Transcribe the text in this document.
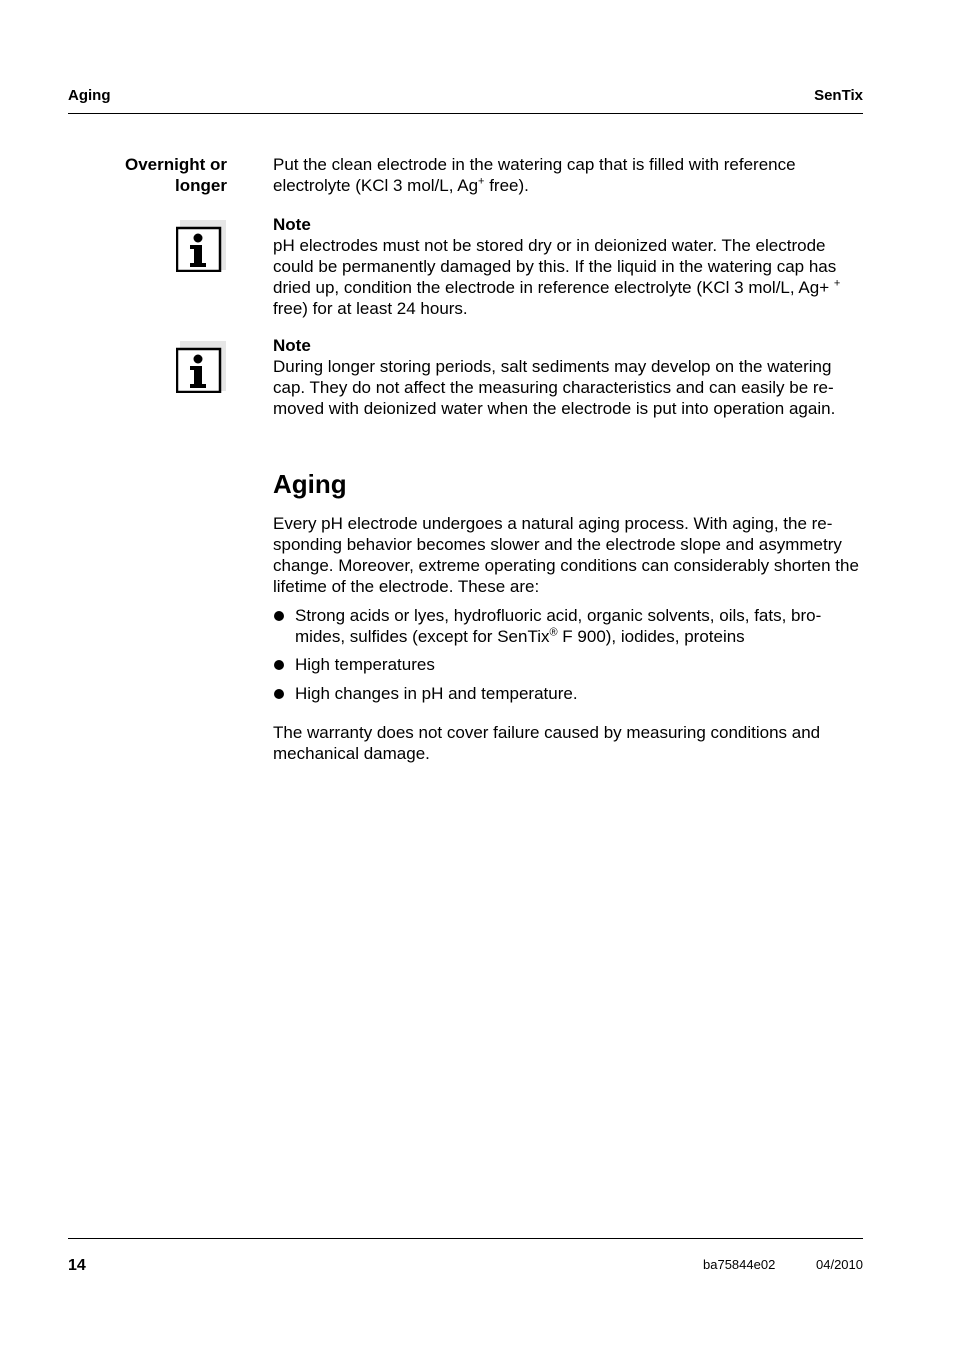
Aging	SenTix
Overnight or
longer
Put the clean electrode in the watering cap that is filled with reference electrolyte (KCl 3 mol/L, Ag+ free).
Note
pH electrodes must not be stored dry or in deionized water. The electrode could be permanently damaged by this. If the liquid in the watering cap has dried up, condition the electrode in reference electrolyte (KCl 3 mol/L, Ag+ + free) for at least 24 hours.
Note
During longer storing periods, salt sediments may develop on the watering cap. They do not affect the measuring characteristics and can easily be re-moved with deionized water when the electrode is put into operation again.
Aging
Every pH electrode undergoes a natural aging process. With aging, the re-sponding behavior becomes slower and the electrode slope and asymmetry change. Moreover, extreme operating conditions can considerably shorten the lifetime of the electrode. These are:
Strong acids or lyes, hydrofluoric acid, organic solvents, oils, fats, bro-mides, sulfides (except for SenTix® F 900), iodides, proteins
High temperatures
High changes in pH and temperature.
The warranty does not cover failure caused by measuring conditions and mechanical damage.
14	ba75844e02	04/2010
